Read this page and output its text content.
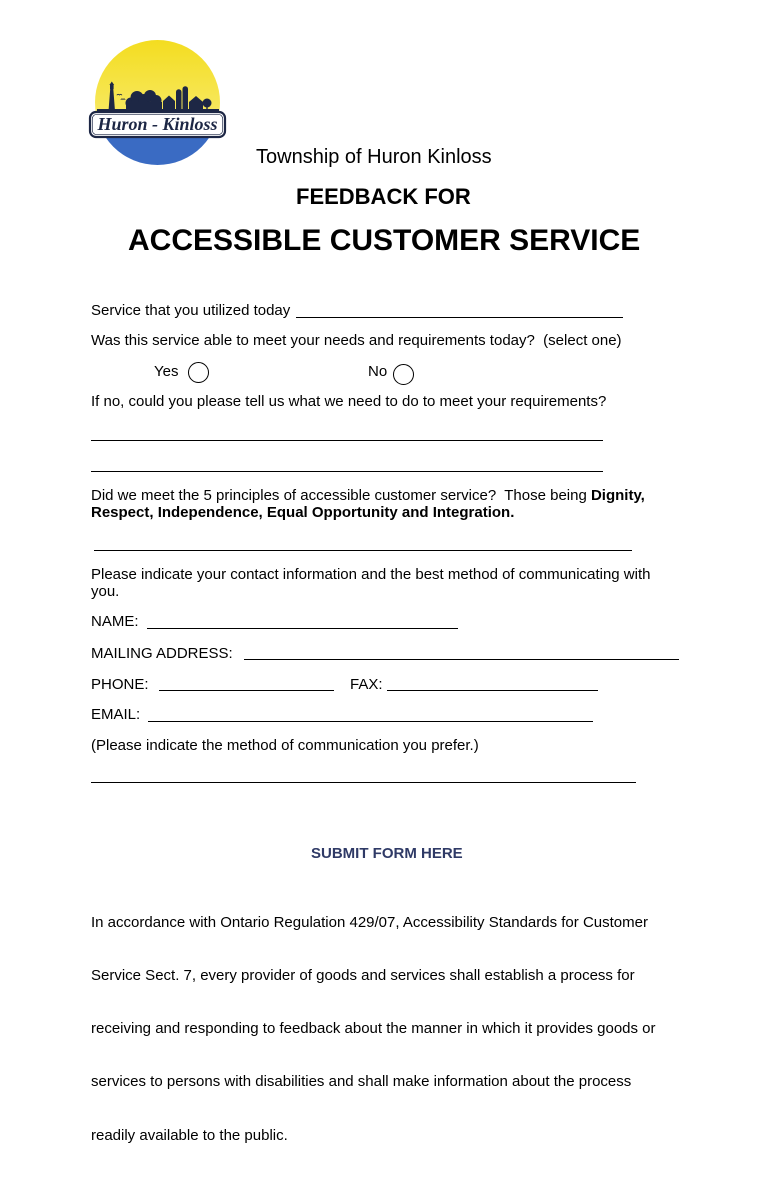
Huron - Kinloss
Township of Huron Kinloss
FEEDBACK FOR
ACCESSIBLE CUSTOMER SERVICE
Service that you utilized today
Was this service able to meet your needs and requirements today?  (select one)
Yes	No
If no, could you please tell us what we need to do to meet your requirements?
Did we meet the 5 principles of accessible customer service?  Those being Dignity,
Respect, Independence, Equal Opportunity and Integration.
Please indicate your contact information and the best method of communicating with
you.
NAME:
MAILING ADDRESS:
PHONE:	FAX:
EMAIL:
(Please indicate the method of communication you prefer.)
SUBMIT FORM HERE

In accordance with Ontario Regulation 429/07, Accessibility Standards for Customer

Service Sect. 7, every provider of goods and services shall establish a process for

receiving and responding to feedback about the manner in which it provides goods or

services to persons with disabilities and shall make information about the process

readily available to the public.
